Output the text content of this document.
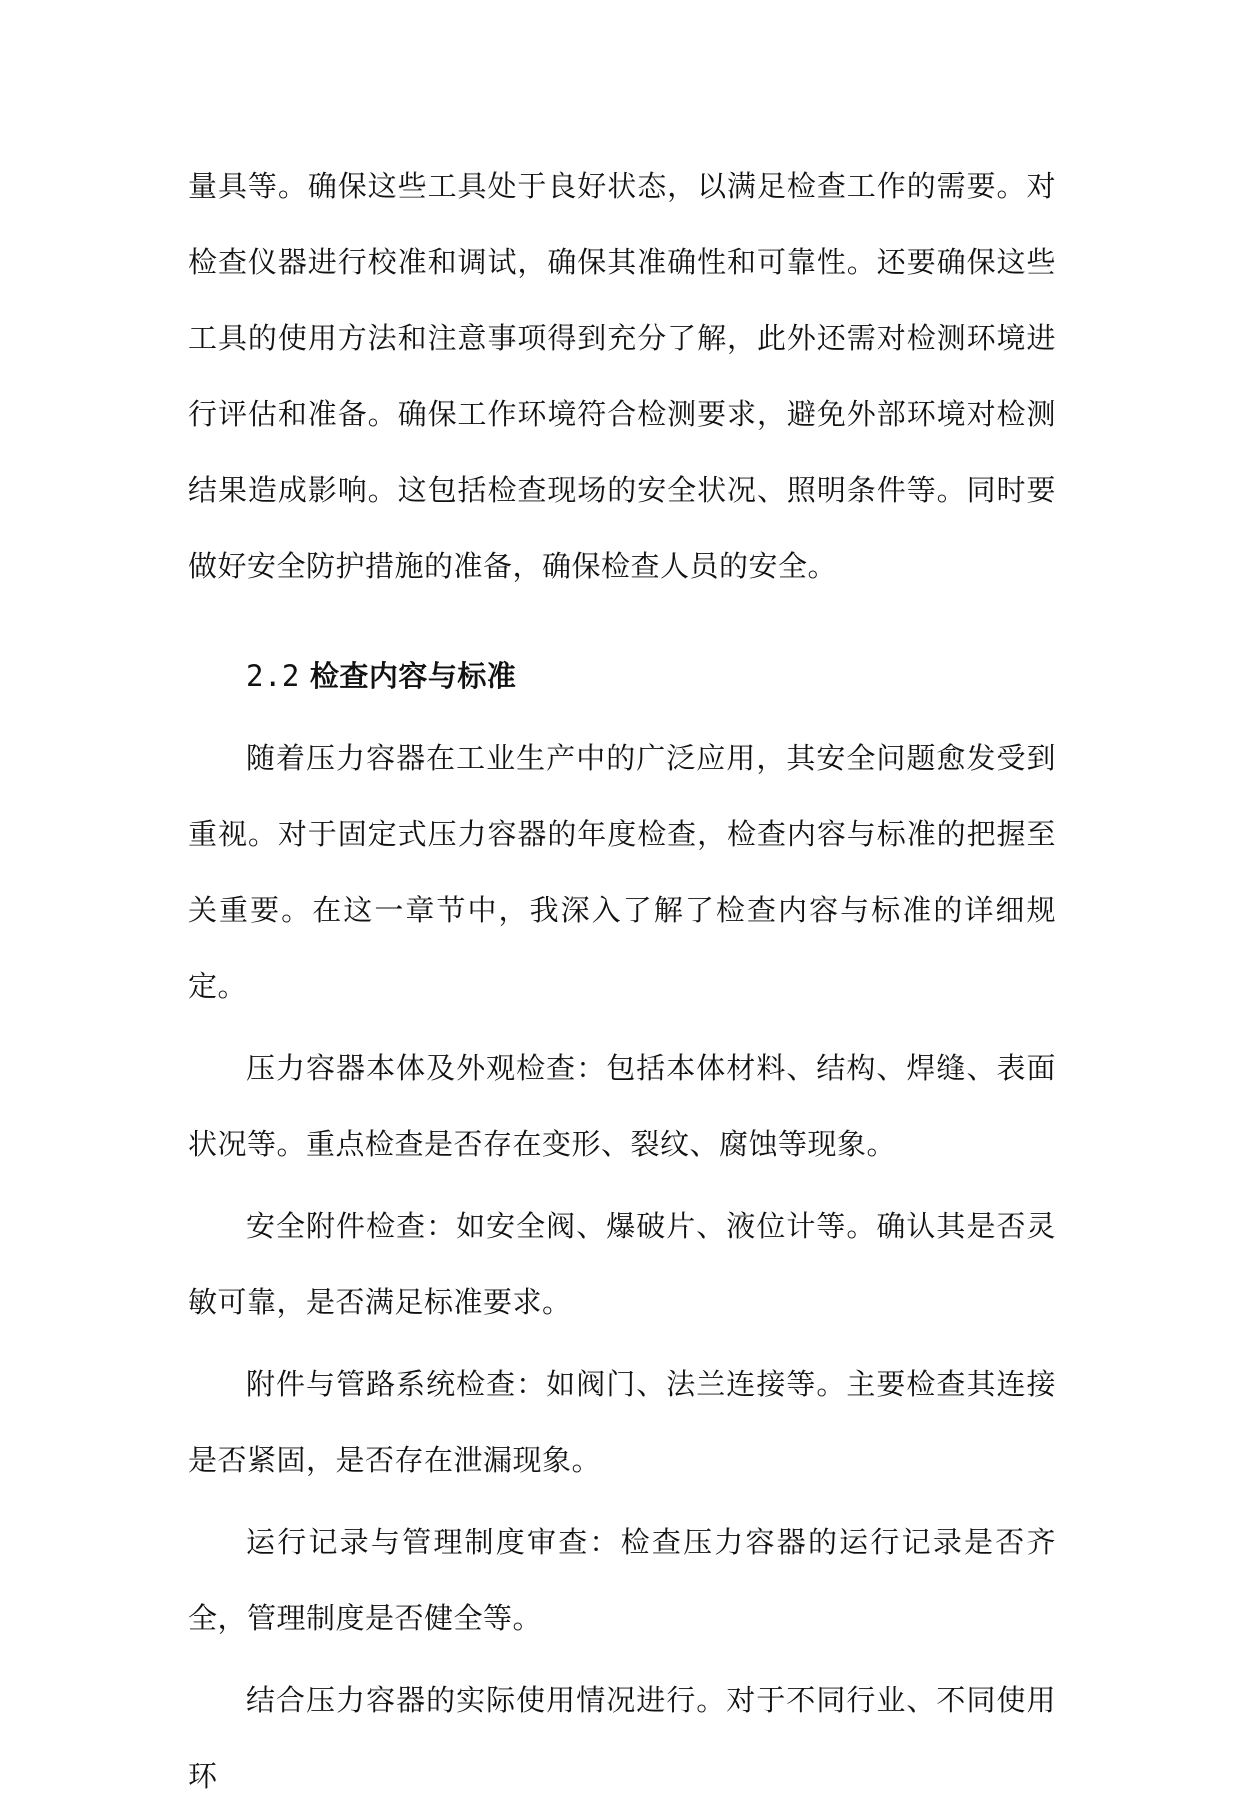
量具等。确保这些工具处于良好状态，以满足检查工作的需要。对检查仪器进行校准和调试，确保其准确性和可靠性。还要确保这些工具的使用方法和注意事项得到充分了解，此外还需对检测环境进行评估和准备。确保工作环境符合检测要求，避免外部环境对检测结果造成影响。这包括检查现场的安全状况、照明条件等。同时要做好安全防护措施的准备，确保检查人员的安全。

2.2 检查内容与标准

随着压力容器在工业生产中的广泛应用，其安全问题愈发受到重视。对于固定式压力容器的年度检查，检查内容与标准的把握至关重要。在这一章节中，我深入了解了检查内容与标准的详细规定。

压力容器本体及外观检查：包括本体材料、结构、焊缝、表面状况等。重点检查是否存在变形、裂纹、腐蚀等现象。

安全附件检查：如安全阀、爆破片、液位计等。确认其是否灵敏可靠，是否满足标准要求。

附件与管路系统检查：如阀门、法兰连接等。主要检查其连接是否紧固，是否存在泄漏现象。

运行记录与管理制度审查：检查压力容器的运行记录是否齐全，管理制度是否健全等。

结合压力容器的实际使用情况进行。对于不同行业、不同使用环
